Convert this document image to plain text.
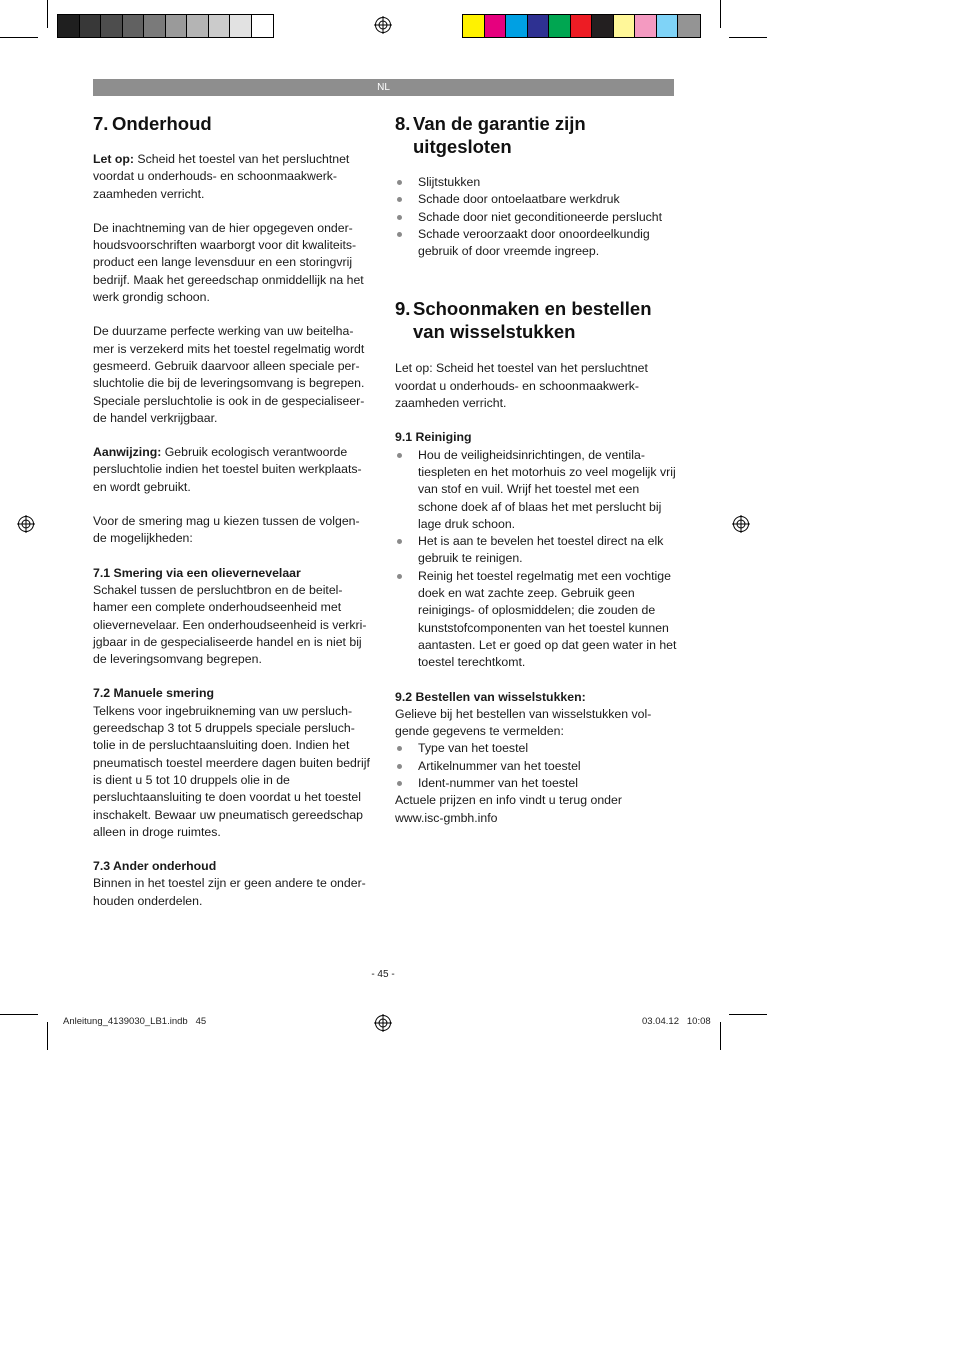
NL
7. Onderhoud

Let op: Scheid het toestel van het persluchtnet voordat u onderhouds- en schoonmaakwerk-zaamheden verricht.

De inachtneming van de hier opgegeven onder-houdsvoorschriften waarborgt voor dit kwaliteits-product een lange levensduur en een storingvrij bedrijf. Maak het gereedschap onmiddellijk na het werk grondig schoon.

De duurzame perfecte werking van uw beitelha-mer is verzekerd mits het toestel regelmatig wordt gesmeerd. Gebruik daarvoor alleen speciale per-sluchtolie die bij de leveringsomvang is begrepen. Speciale persluchtolie is ook in de gespecialiseer-de handel verkrijgbaar.

Aanwijzing: Gebruik ecologisch verantwoorde persluchtolie indien het toestel buiten werkplaats-en wordt gebruikt.

Voor de smering mag u kiezen tussen de volgen-de mogelijkheden:

7.1 Smering via een olievernevelaar

Schakel tussen de persluchtbron en de beitel-hamer een complete onderhoudseenheid met olievernevelaar. Een onderhoudseenheid is verkri-jgbaar in de gespecialiseerde handel en is niet bij de leveringsomvang begrepen.

7.2 Manuele smering

Telkens voor ingebruikneming van uw persluch-gereedschap 3 tot 5 druppels speciale persluch-tolie in de persluchtaansluiting doen. Indien het pneumatisch toestel meerdere dagen buiten bedrijf is dient u 5 tot 10 druppels olie in de persluchtaansluiting te doen voordat u het toestel inschakelt. Bewaar uw pneumatisch gereedschap alleen in droge ruimtes.

7.3 Ander onderhoud

Binnen in het toestel zijn er geen andere te onder-houden onderdelen.

8. Van de garantie zijn uitgesloten
Slijtstukken
Schade door ontoelaatbare werkdruk
Schade door niet geconditioneerde perslucht
Schade veroorzaakt door onoordeelkundig gebruik of door vreemde ingreep.
9. Schoonmaken en bestellen van wisselstukken

Let op: Scheid het toestel van het persluchtnet voordat u onderhouds- en schoonmaakwerk-zaamheden verricht.

9.1 Reiniging
Hou de veiligheidsinrichtingen, de ventila-tiespleten en het motorhuis zo veel mogelijk vrij van stof en vuil. Wrijf het toestel met een schone doek af of blaas het met perslucht bij lage druk schoon.
Het is aan te bevelen het toestel direct na elk gebruik te reinigen.
Reinig het toestel regelmatig met een vochtige doek en wat zachte zeep. Gebruik geen reinigings- of oplosmiddelen; die zouden de kunststofcomponenten van het toestel kunnen aantasten. Let er goed op dat geen water in het toestel terechtkomt.
9.2 Bestellen van wisselstukken:

Gelieve bij het bestellen van wisselstukken vol-gende gegevens te vermelden:

Type van het toestel
Artikelnummer van het toestel
Ident-nummer van het toestel

Actuele prijzen en info vindt u terug onder www.isc-gmbh.info

- 45 -
Anleitung_4139030_LB1.indb   45	03.04.12   10:08
